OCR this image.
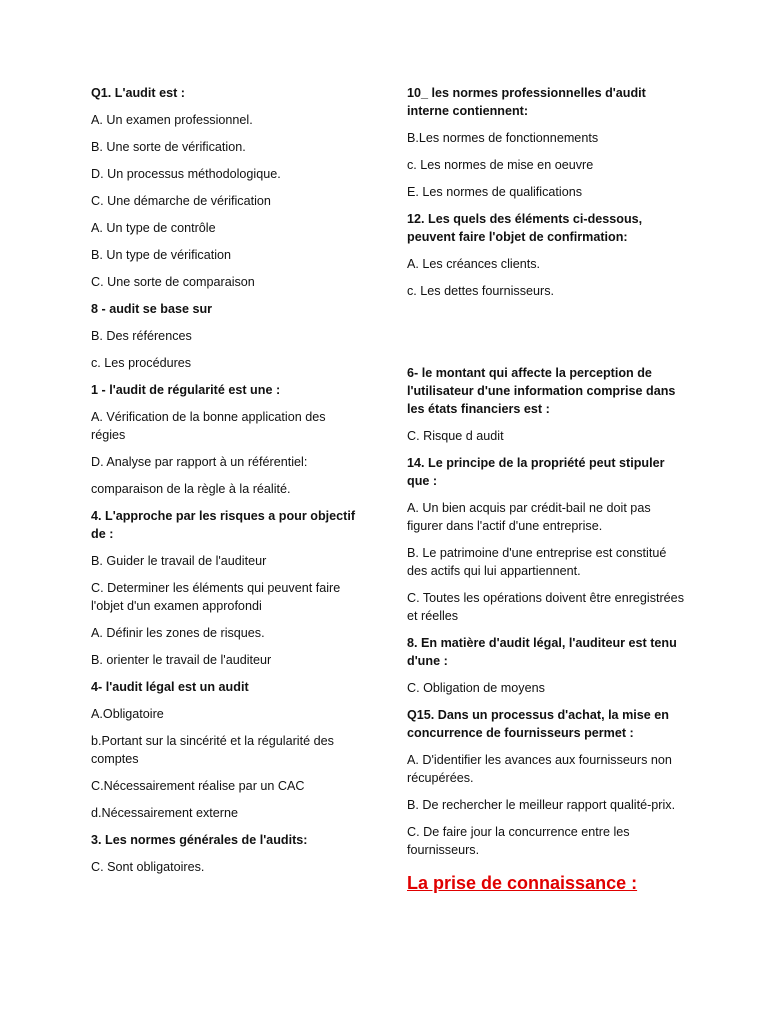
Q1. L'audit est :

A. Un examen professionnel.

B. Une sorte de vérification.

D. Un processus méthodologique.

C. Une démarche de vérification

A. Un type de contrôle

B. Un type de vérification

C. Une sorte de comparaison

8 - audit se base sur

B. Des références

c. Les procédures

1 - l'audit de régularité est une :

A. Vérification de la bonne application des régies

D. Analyse par rapport à un référentiel:

comparaison de la règle à la réalité.

4. L'approche par les risques a pour objectif de :

B. Guider le travail de l'auditeur

C. Determiner les éléments qui peuvent faire l'objet d'un examen approfondi

A. Définir les zones de risques.

B. orienter le travail de l'auditeur

4- l'audit légal est un audit

A.Obligatoire

b.Portant sur la sincérité et la régularité des comptes

C.Nécessairement réalise par un CAC

d.Nécessairement externe

3. Les normes générales de l'audits:

C. Sont obligatoires.

10_ les normes professionnelles d'audit interne contiennent:

B.Les normes de fonctionnements

c. Les normes de mise en oeuvre

E. Les normes de qualifications

12. Les quels des éléments ci-dessous, peuvent faire l'objet de confirmation:

A. Les créances clients.

c. Les dettes fournisseurs.

6- le montant qui affecte la perception de l'utilisateur d'une information comprise dans les états financiers est :

C. Risque d audit

14. Le principe de la propriété peut stipuler que :

A. Un bien acquis par crédit-bail ne doit pas figurer dans l'actif d'une entreprise.

B. Le patrimoine d'une entreprise est constitué des actifs qui lui appartiennent.

C. Toutes les opérations doivent être enregistrées et réelles

8. En matière d'audit légal, l'auditeur est tenu d'une :

C. Obligation de moyens

Q15. Dans un processus d'achat, la mise en concurrence de fournisseurs permet :

A. D'identifier les avances aux fournisseurs non récupérées.

B. De rechercher le meilleur rapport qualité-prix.

C. De faire jour la concurrence entre les fournisseurs.

La prise de connaissance :
